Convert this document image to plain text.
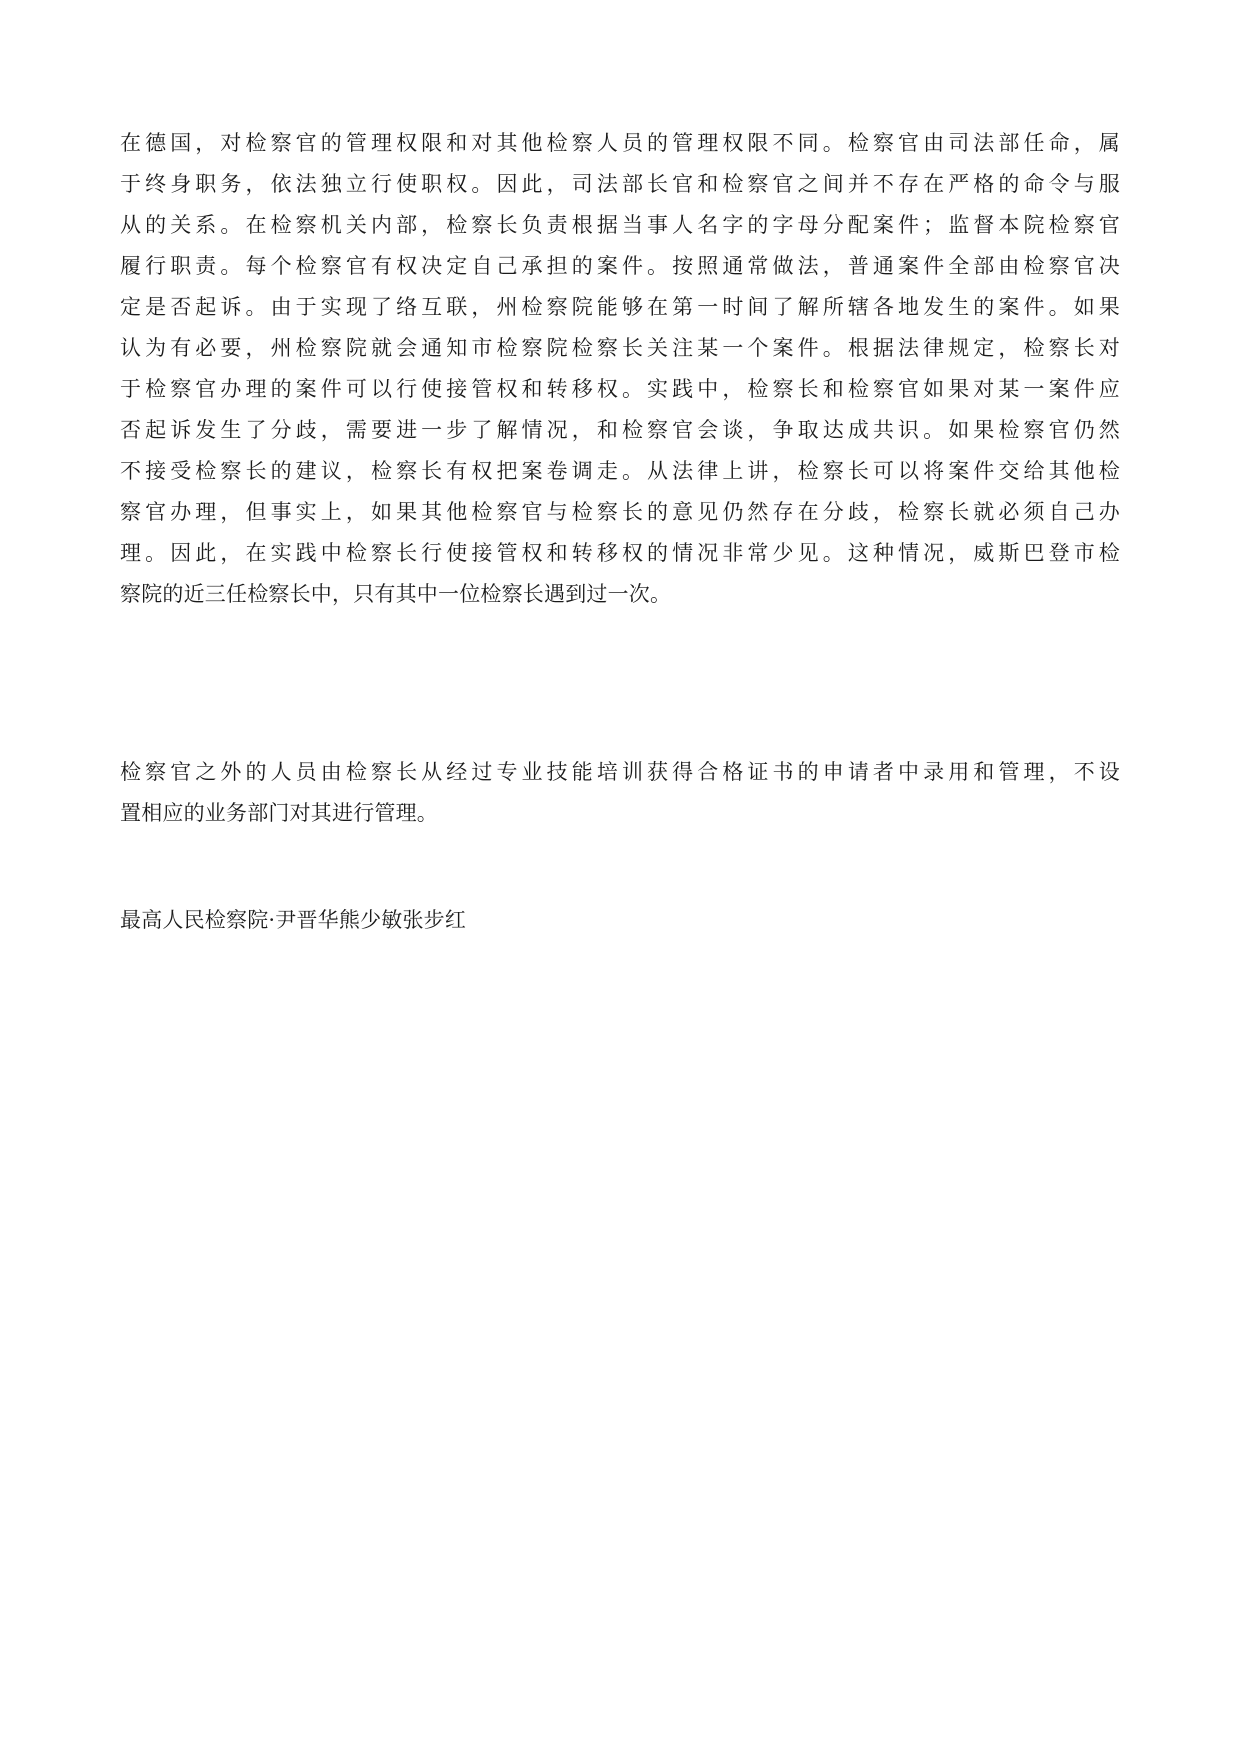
在德国，对检察官的管理权限和对其他检察人员的管理权限不同。检察官由司法部任命，属
于终身职务，依法独立行使职权。因此，司法部长官和检察官之间并不存在严格的命令与服
从的关系。在检察机关内部，检察长负责根据当事人名字的字母分配案件；监督本院检察官
履行职责。每个检察官有权决定自己承担的案件。按照通常做法，普通案件全部由检察官决
定是否起诉。由于实现了络互联，州检察院能够在第一时间了解所辖各地发生的案件。如果
认为有必要，州检察院就会通知市检察院检察长关注某一个案件。根据法律规定，检察长对
于检察官办理的案件可以行使接管权和转移权。实践中，检察长和检察官如果对某一案件应
否起诉发生了分歧，需要进一步了解情况，和检察官会谈，争取达成共识。如果检察官仍然
不接受检察长的建议，检察长有权把案卷调走。从法律上讲，检察长可以将案件交给其他检
察官办理，但事实上，如果其他检察官与检察长的意见仍然存在分歧，检察长就必须自己办
理。因此，在实践中检察长行使接管权和转移权的情况非常少见。这种情况，威斯巴登市检
察院的近三任检察长中，只有其中一位检察长遇到过一次。
检察官之外的人员由检察长从经过专业技能培训获得合格证书的申请者中录用和管理，不设
置相应的业务部门对其进行管理。
最高人民检察院·尹晋华熊少敏张步红
